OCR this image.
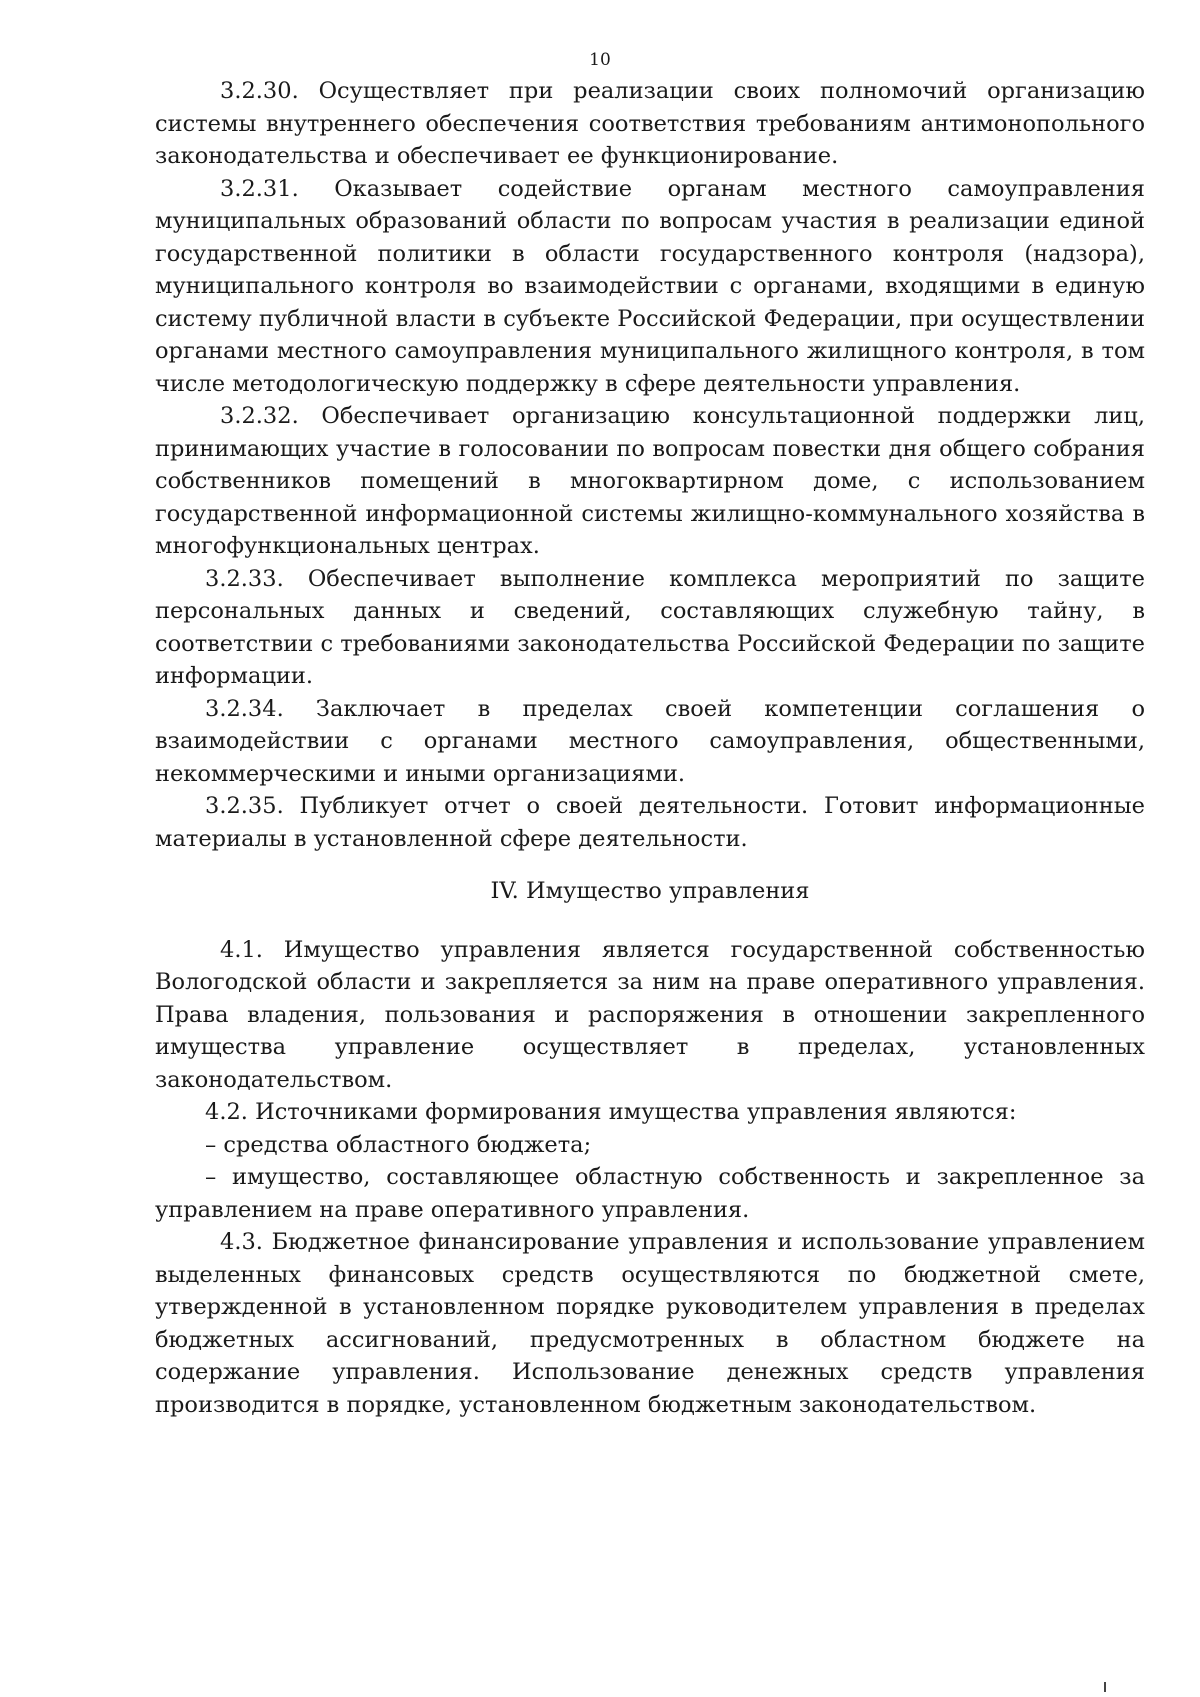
10

3.2.30. Осуществляет при реализации своих полномочий организацию системы внутреннего обеспечения соответствия требованиям антимонопольного законодательства и обеспечивает ее функционирование.

3.2.31. Оказывает содействие органам местного самоуправления муниципальных образований области по вопросам участия в реализации единой государственной политики в области государственного контроля (надзора), муниципального контроля во взаимодействии с органами, входящими в единую систему публичной власти в субъекте Российской Федерации, при осуществлении органами местного самоуправления муниципального жилищного контроля, в том числе методологическую поддержку в сфере деятельности управления.

3.2.32. Обеспечивает организацию консультационной поддержки лиц, принимающих участие в голосовании по вопросам повестки дня общего собрания собственников помещений в многоквартирном доме, с использованием государственной информационной системы жилищно-коммунального хозяйства в многофункциональных центрах.

3.2.33. Обеспечивает выполнение комплекса мероприятий по защите персональных данных и сведений, составляющих служебную тайну, в соответствии с требованиями законодательства Российской Федерации по защите информации.

3.2.34. Заключает в пределах своей компетенции соглашения о взаимодействии с органами местного самоуправления, общественными, некоммерческими и иными организациями.

3.2.35. Публикует отчет о своей деятельности. Готовит информационные материалы в установленной сфере деятельности.

IV. Имущество управления

4.1. Имущество управления является государственной собственностью Вологодской области и закрепляется за ним на праве оперативного управления. Права владения, пользования и распоряжения в отношении закрепленного имущества управление осуществляет в пределах, установленных законодательством.

4.2. Источниками формирования имущества управления являются:

– средства областного бюджета;

– имущество, составляющее областную собственность и закрепленное за управлением на праве оперативного управления.

4.3. Бюджетное финансирование управления и использование управлением выделенных финансовых средств осуществляются по бюджетной смете, утвержденной в установленном порядке руководителем управления в пределах бюджетных ассигнований, предусмотренных в областном бюджете на содержание управления. Использование денежных средств управления производится в порядке, установленном бюджетным законодательством.
